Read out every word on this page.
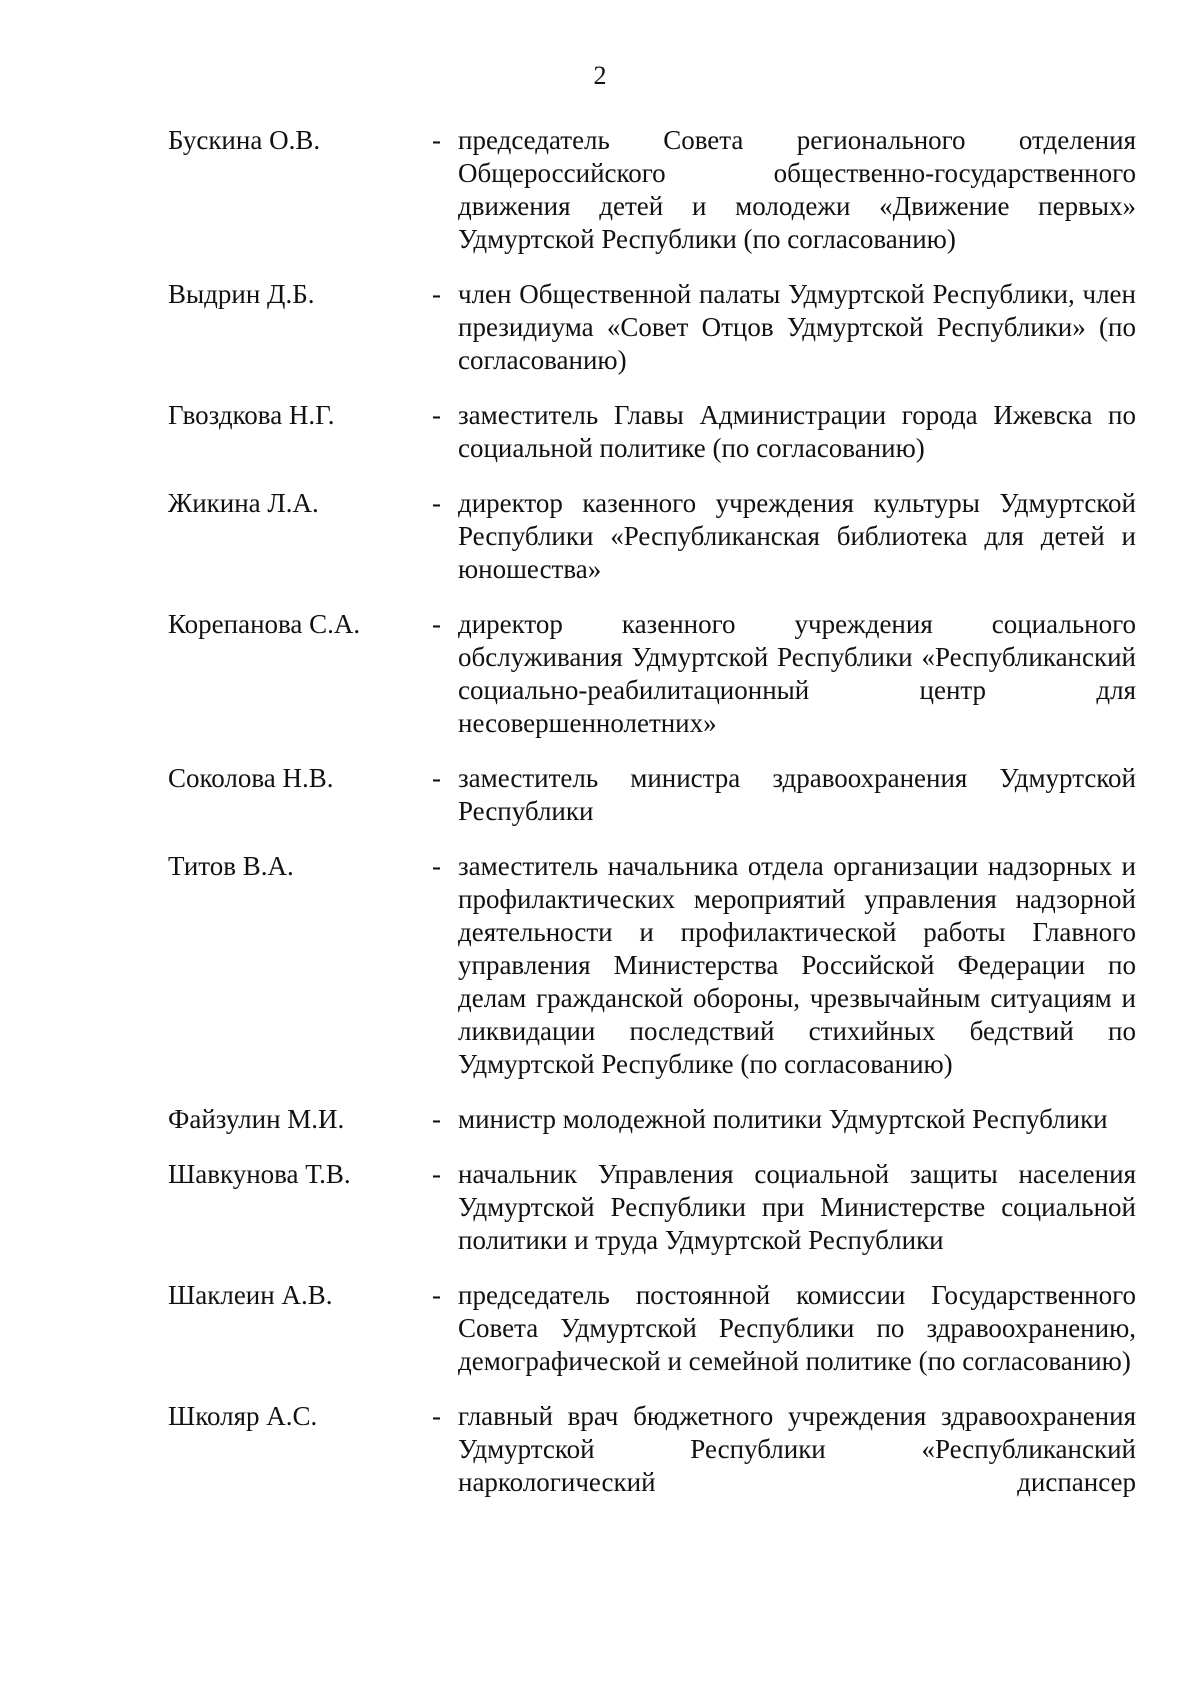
2
Бускина О.В.	- председатель Совета регионального отделения Общероссийского общественно-государственного движения детей и молодежи «Движение первых» Удмуртской Республики (по согласованию)
Выдрин Д.Б.	- член Общественной палаты Удмуртской Республики, член президиума «Совет Отцов Удмуртской Республики» (по согласованию)
Гвоздкова Н.Г.	- заместитель Главы Администрации города Ижевска по социальной политике (по согласованию)
Жикина Л.А.	- директор казенного учреждения культуры Удмуртской Республики «Республиканская библиотека для детей и юношества»
Корепанова С.А.	- директор казенного учреждения социального обслуживания Удмуртской Республики «Республиканский социально-реабилитационный центр для несовершеннолетних»
Соколова Н.В.	- заместитель министра здравоохранения Удмуртской Республики
Титов В.А.	- заместитель начальника отдела организации надзорных и профилактических мероприятий управления надзорной деятельности и профилактической работы Главного управления Министерства Российской Федерации по делам гражданской обороны, чрезвычайным ситуациям и ликвидации последствий стихийных бедствий по Удмуртской Республике (по согласованию)
Файзулин М.И.	- министр молодежной политики Удмуртской Республики
Шавкунова Т.В.	- начальник Управления социальной защиты населения Удмуртской Республики при Министерстве социальной политики и труда Удмуртской Республики
Шаклеин А.В.	- председатель постоянной комиссии Государственного Совета Удмуртской Республики по здравоохранению, демографической и семейной политике (по согласованию)
Школяр А.С.	- главный врач бюджетного учреждения здравоохранения Удмуртской Республики «Республиканский наркологический диспансер
